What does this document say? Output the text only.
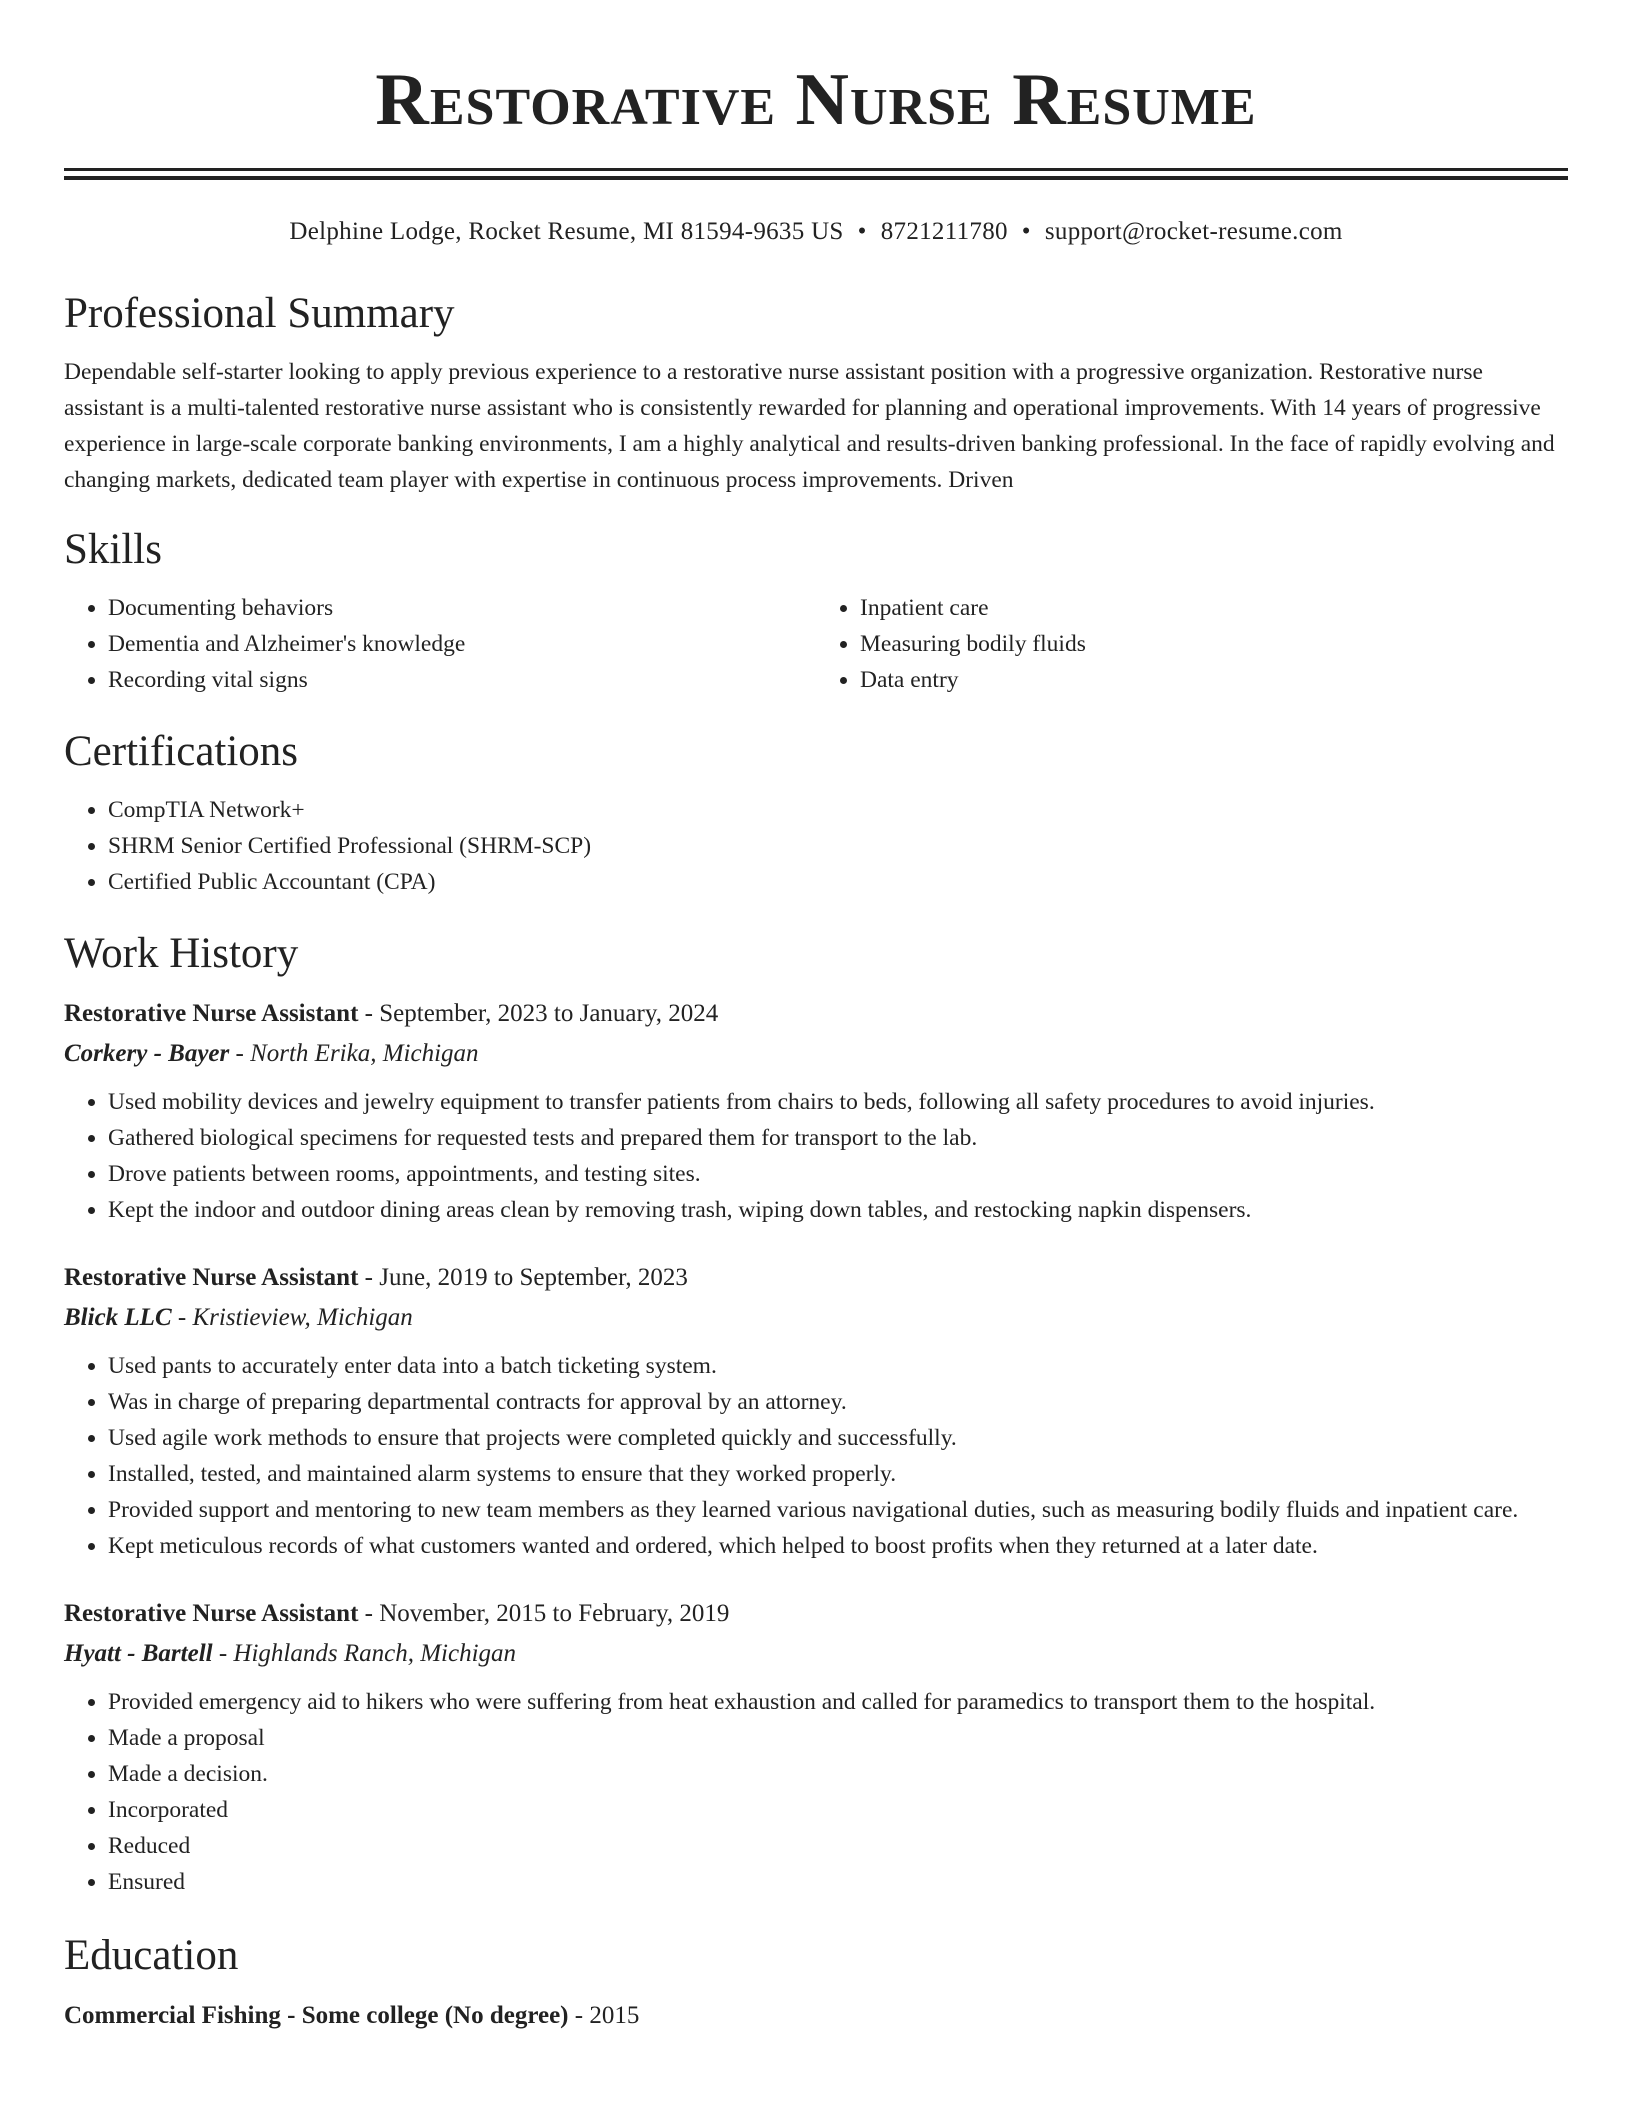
Restorative Nurse Resume
Delphine Lodge, Rocket Resume, MI 81594-9635 US • 8721211780 • support@rocket-resume.com
Professional Summary

Dependable self-starter looking to apply previous experience to a restorative nurse assistant position with a progressive organization. Restorative nurse assistant is a multi-talented restorative nurse assistant who is consistently rewarded for planning and operational improvements. With 14 years of progressive experience in large-scale corporate banking environments, I am a highly analytical and results-driven banking professional. In the face of rapidly evolving and changing markets, dedicated team player with expertise in continuous process improvements. Driven

Skills
• Documenting behaviors
• Dementia and Alzheimer's knowledge
• Recording vital signs
• Inpatient care
• Measuring bodily fluids
• Data entry
Certifications
• CompTIA Network+
• SHRM Senior Certified Professional (SHRM-SCP)
• Certified Public Accountant (CPA)
Work History
Restorative Nurse Assistant - September, 2023 to January, 2024
Corkery - Bayer - North Erika, Michigan
• Used mobility devices and jewelry equipment to transfer patients from chairs to beds, following all safety procedures to avoid injuries.
• Gathered biological specimens for requested tests and prepared them for transport to the lab.
• Drove patients between rooms, appointments, and testing sites.
• Kept the indoor and outdoor dining areas clean by removing trash, wiping down tables, and restocking napkin dispensers.
Restorative Nurse Assistant - June, 2019 to September, 2023
Blick LLC - Kristieview, Michigan
• Used pants to accurately enter data into a batch ticketing system.
• Was in charge of preparing departmental contracts for approval by an attorney.
• Used agile work methods to ensure that projects were completed quickly and successfully.
• Installed, tested, and maintained alarm systems to ensure that they worked properly.
• Provided support and mentoring to new team members as they learned various navigational duties, such as measuring bodily fluids and inpatient care.
• Kept meticulous records of what customers wanted and ordered, which helped to boost profits when they returned at a later date.
Restorative Nurse Assistant - November, 2015 to February, 2019
Hyatt - Bartell - Highlands Ranch, Michigan
• Provided emergency aid to hikers who were suffering from heat exhaustion and called for paramedics to transport them to the hospital.
• Made a proposal
• Made a decision.
• Incorporated
• Reduced
• Ensured
Education
Commercial Fishing - Some college (No degree) - 2015
